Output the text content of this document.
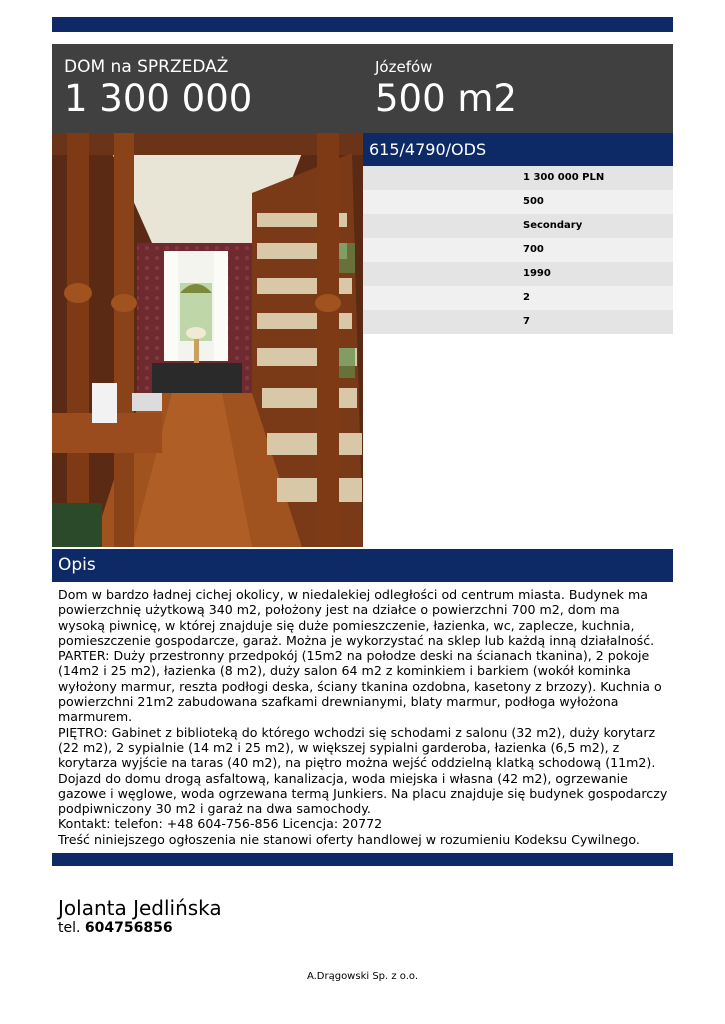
DOM na SPRZEDAŻ
1 300 000
Józefów
500 m2
615/4790/ODS
1 300 000 PLN
500
Secondary
700
1990
2
7
Opis

Dom w bardzo ładnej cichej okolicy, w niedalekiej odległości od centrum miasta. Budynek ma powierzchnię użytkową 340 m2, położony jest na działce o powierzchni 700 m2, dom ma wysoką piwnicę, w której znajduje się duże pomieszczenie, łazienka, wc, zaplecze, kuchnia, pomieszczenie gospodarcze, garaż. Można je wykorzystać na sklep lub każdą inną działalność.

PARTER: Duży przestronny przedpokój (15m2 na połodze deski na ścianach tkanina), 2 pokoje (14m2 i 25 m2), łazienka (8 m2), duży salon 64 m2 z kominkiem i barkiem (wokół kominka wyłożony marmur, reszta podłogi deska, ściany tkanina ozdobna, kasetony z brzozy). Kuchnia o powierzchni 21m2 zabudowana szafkami drewnianymi, blaty marmur, podłoga wyłożona marmurem.

PIĘTRO: Gabinet z biblioteką do którego wchodzi się schodami z salonu (32 m2), duży korytarz (22 m2), 2 sypialnie (14 m2 i 25 m2), w większej sypialni garderoba, łazienka (6,5 m2), z korytarza wyjście na taras (40 m2), na piętro można wejść oddzielną klatką schodową (11m2). Dojazd do domu drogą asfaltową, kanalizacja, woda miejska i własna (42 m2), ogrzewanie gazowe i węglowe, woda ogrzewana termą Junkiers. Na placu znajduje się budynek gospodarczy podpiwniczony 30 m2 i garaż na dwa samochody.

Kontakt: telefon: +48 604-756-856 Licencja: 20772

Treść niniejszego ogłoszenia nie stanowi oferty handlowej w rozumieniu Kodeksu Cywilnego.

Jolanta Jedlińska
tel. 604756856
A.Drągowski Sp. z o.o.
